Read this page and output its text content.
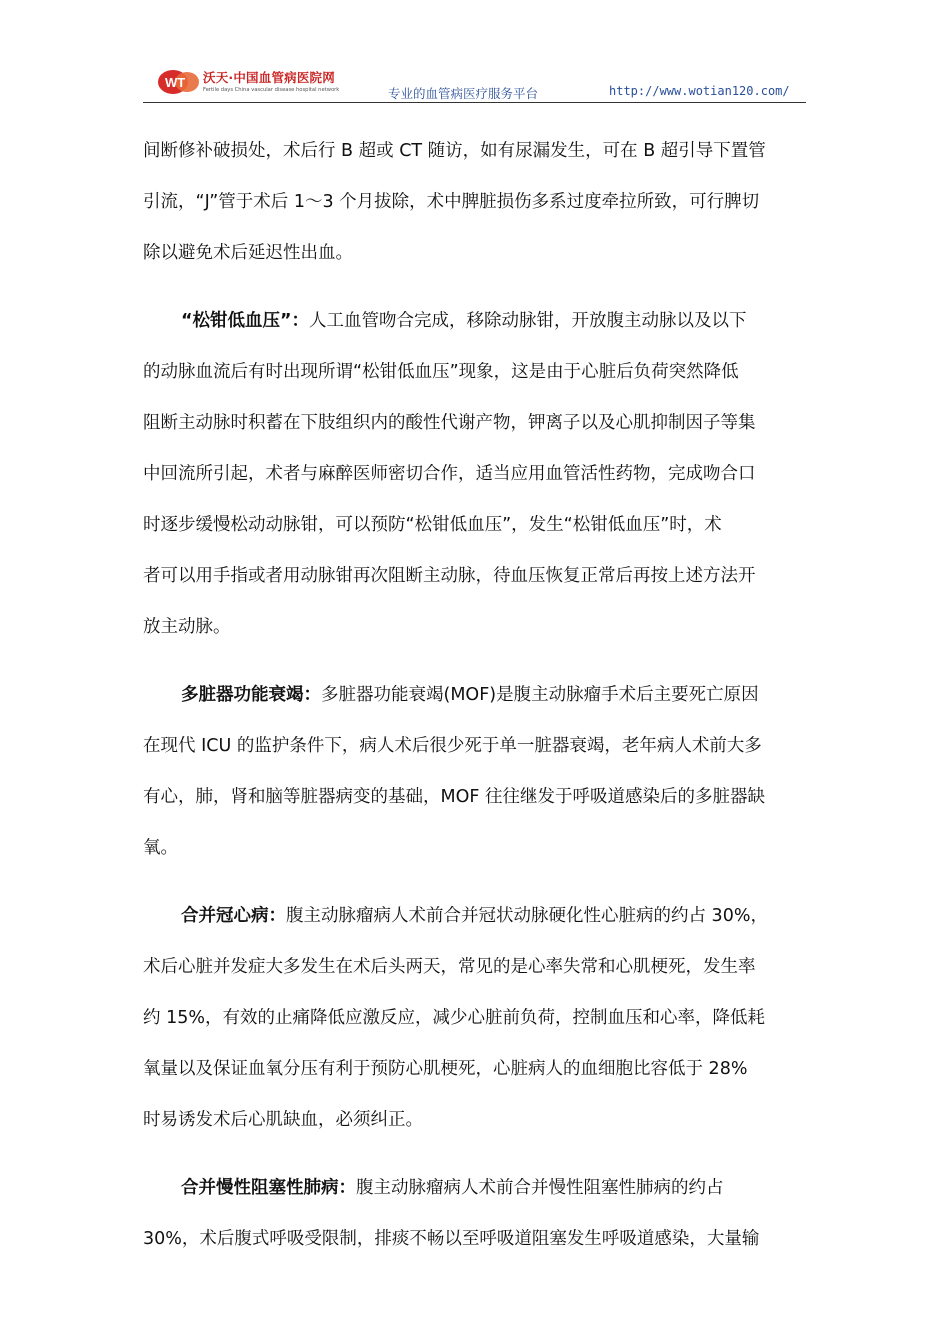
WT 沃天·中国血管病医院网
Fertile days China vascular disease hospital network	专业的血管病医疗服务平台	http://www.wotian120.com/

间断修补破损处，术后行 B 超或 CT 随访，如有尿漏发生，可在 B 超引导下置管
引流，“J”管于术后 1～3 个月拔除，术中脾脏损伤多系过度牵拉所致，可行脾切
除以避免术后延迟性出血。

“松钳低血压”：人工血管吻合完成，移除动脉钳，开放腹主动脉以及以下
的动脉血流后有时出现所谓“松钳低血压”现象，这是由于心脏后负荷突然降低
阻断主动脉时积蓄在下肢组织内的酸性代谢产物，钾离子以及心肌抑制因子等集
中回流所引起，术者与麻醉医师密切合作，适当应用血管活性药物，完成吻合口
时逐步缓慢松动动脉钳，可以预防“松钳低血压”，发生“松钳低血压”时，术
者可以用手指或者用动脉钳再次阻断主动脉，待血压恢复正常后再按上述方法开
放主动脉。

多脏器功能衰竭：多脏器功能衰竭(MOF)是腹主动脉瘤手术后主要死亡原因
在现代 ICU 的监护条件下，病人术后很少死于单一脏器衰竭，老年病人术前大多
有心，肺，肾和脑等脏器病变的基础，MOF 往往继发于呼吸道感染后的多脏器缺
氧。

合并冠心病：腹主动脉瘤病人术前合并冠状动脉硬化性心脏病的约占 30%，
术后心脏并发症大多发生在术后头两天，常见的是心率失常和心肌梗死，发生率
约 15%，有效的止痛降低应激反应，减少心脏前负荷，控制血压和心率，降低耗
氧量以及保证血氧分压有利于预防心肌梗死，心脏病人的血细胞比容低于 28%
时易诱发术后心肌缺血，必须纠正。

合并慢性阻塞性肺病：腹主动脉瘤病人术前合并慢性阻塞性肺病的约占
30%，术后腹式呼吸受限制，排痰不畅以至呼吸道阻塞发生呼吸道感染，大量输
